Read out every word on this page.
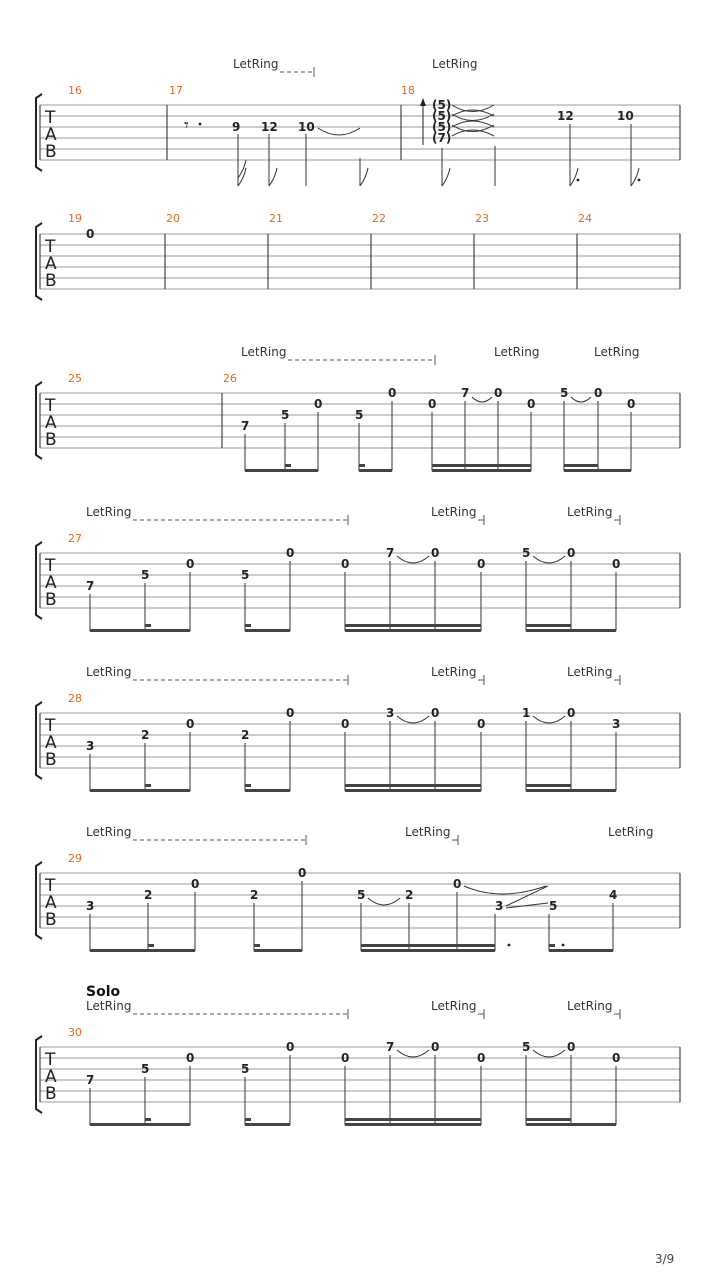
T
A
B
16	17	18
LetRing	LetRing
𝄾	9 12 10
(5)
(5)
(5)
(7)
12	10
T
A
B
19	20	21	22	23	24
0
T
A
B
25	26
LetRing	LetRing	LetRing
7
5
0
5
0
0
7 0
0
5 0
0
T
A
B
27
LetRing	LetRing	LetRing
7
5
0
5
0
0
7	0
0
5	0
0
T
A
B
28
LetRing	LetRing	LetRing
3
2
0
2
0
0
3	0
0
1	0
3
T
A
B
29
LetRing	LetRing	LetRing
3
2
0
2
0
5	2
0
3	5
4
Solo
T
A
B
30
LetRing	LetRing	LetRing
7
5
0
5
0
0
7	0
0
5	0
0
3/9
